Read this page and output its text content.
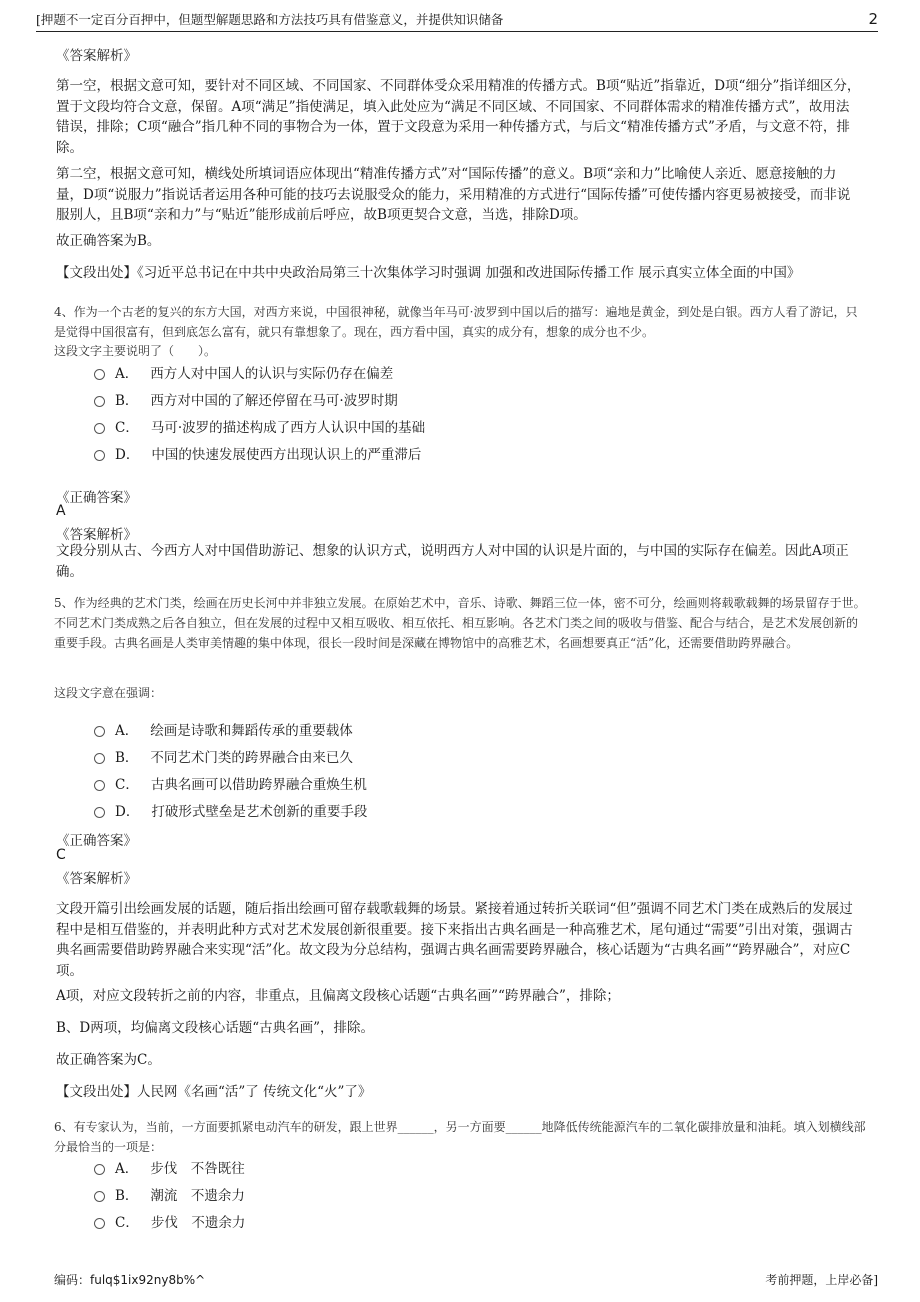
[押题不一定百分百押中，但题型解题思路和方法技巧具有借鉴意义，并提供知识储备	2
《答案解析》
第一空，根据文意可知，要针对不同区域、不同国家、不同群体受众采用精准的传播方式。B项“贴近”指靠近，D项“细分”指详细区分，置于文段均符合文意，保留。A项“满足”指使满足，填入此处应为“满足不同区域、不同国家、不同群体需求的精准传播方式”，故用法错误，排除；C项“融合”指几种不同的事物合为一体，置于文段意为采用一种传播方式，与后文“精准传播方式”矛盾，与文意不符，排除。
第二空，根据文意可知，横线处所填词语应体现出“精准传播方式”对“国际传播”的意义。B项“亲和力”比喻使人亲近、愿意接触的力量，D项“说服力”指说话者运用各种可能的技巧去说服受众的能力，采用精准的方式进行“国际传播”可使传播内容更易被接受，而非说服别人，且B项“亲和力”与“贴近”能形成前后呼应，故B项更契合文意，当选，排除D项。
故正确答案为B。
【文段出处】《习近平总书记在中共中央政治局第三十次集体学习时强调 加强和改进国际传播工作 展示真实立体全面的中国》
4、作为一个古老的复兴的东方大国，对西方来说，中国很神秘，就像当年马可·波罗到中国以后的描写：遍地是黄金，到处是白银。西方人看了游记，只是觉得中国很富有，但到底怎么富有，就只有靠想象了。现在，西方看中国，真实的成分有，想象的成分也不少。
这段文字主要说明了（　　）。
A． 西方人对中国人的认识与实际仍存在偏差
B． 西方对中国的了解还停留在马可·波罗时期
C． 马可·波罗的描述构成了西方人认识中国的基础
D． 中国的快速发展使西方出现认识上的严重滞后
《正确答案》
A
《答案解析》
文段分别从古、今西方人对中国借助游记、想象的认识方式，说明西方人对中国的认识是片面的，与中国的实际存在偏差。因此A项正确。
5、作为经典的艺术门类，绘画在历史长河中并非独立发展。在原始艺术中，音乐、诗歌、舞蹈三位一体，密不可分，绘画则将载歌载舞的场景留存于世。不同艺术门类成熟之后各自独立，但在发展的过程中又相互吸收、相互依托、相互影响。各艺术门类之间的吸收与借鉴、配合与结合，是艺术发展创新的重要手段。古典名画是人类审美情趣的集中体现，很长一段时间是深藏在博物馆中的高雅艺术，名画想要真正“活”化，还需要借助跨界融合。
这段文字意在强调：
A． 绘画是诗歌和舞蹈传承的重要载体
B． 不同艺术门类的跨界融合由来已久
C． 古典名画可以借助跨界融合重焕生机
D． 打破形式壁垒是艺术创新的重要手段
《正确答案》
C
《答案解析》
文段开篇引出绘画发展的话题，随后指出绘画可留存载歌载舞的场景。紧接着通过转折关联词“但”强调不同艺术门类在成熟后的发展过程中是相互借鉴的，并表明此种方式对艺术发展创新很重要。接下来指出古典名画是一种高雅艺术，尾句通过“需要”引出对策，强调古典名画需要借助跨界融合来实现“活”化。故文段为分总结构，强调古典名画需要跨界融合，核心话题为“古典名画”“跨界融合”，对应C项。
A项，对应文段转折之前的内容，非重点，且偏离文段核心话题“古典名画”“跨界融合”，排除；
B、D两项，均偏离文段核心话题“古典名画”，排除。
故正确答案为C。
【文段出处】人民网《名画“活”了 传统文化“火”了》
6、有专家认为，当前，一方面要抓紧电动汽车的研发，跟上世界______，另一方面要______地降低传统能源汽车的二氧化碳排放量和油耗。填入划横线部分最恰当的一项是：
A． 步伐　不咎既往
B． 潮流　不遗余力
C． 步伐　不遗余力
编码：fulq$1ix92ny8b%^	考前押题，上岸必备]
